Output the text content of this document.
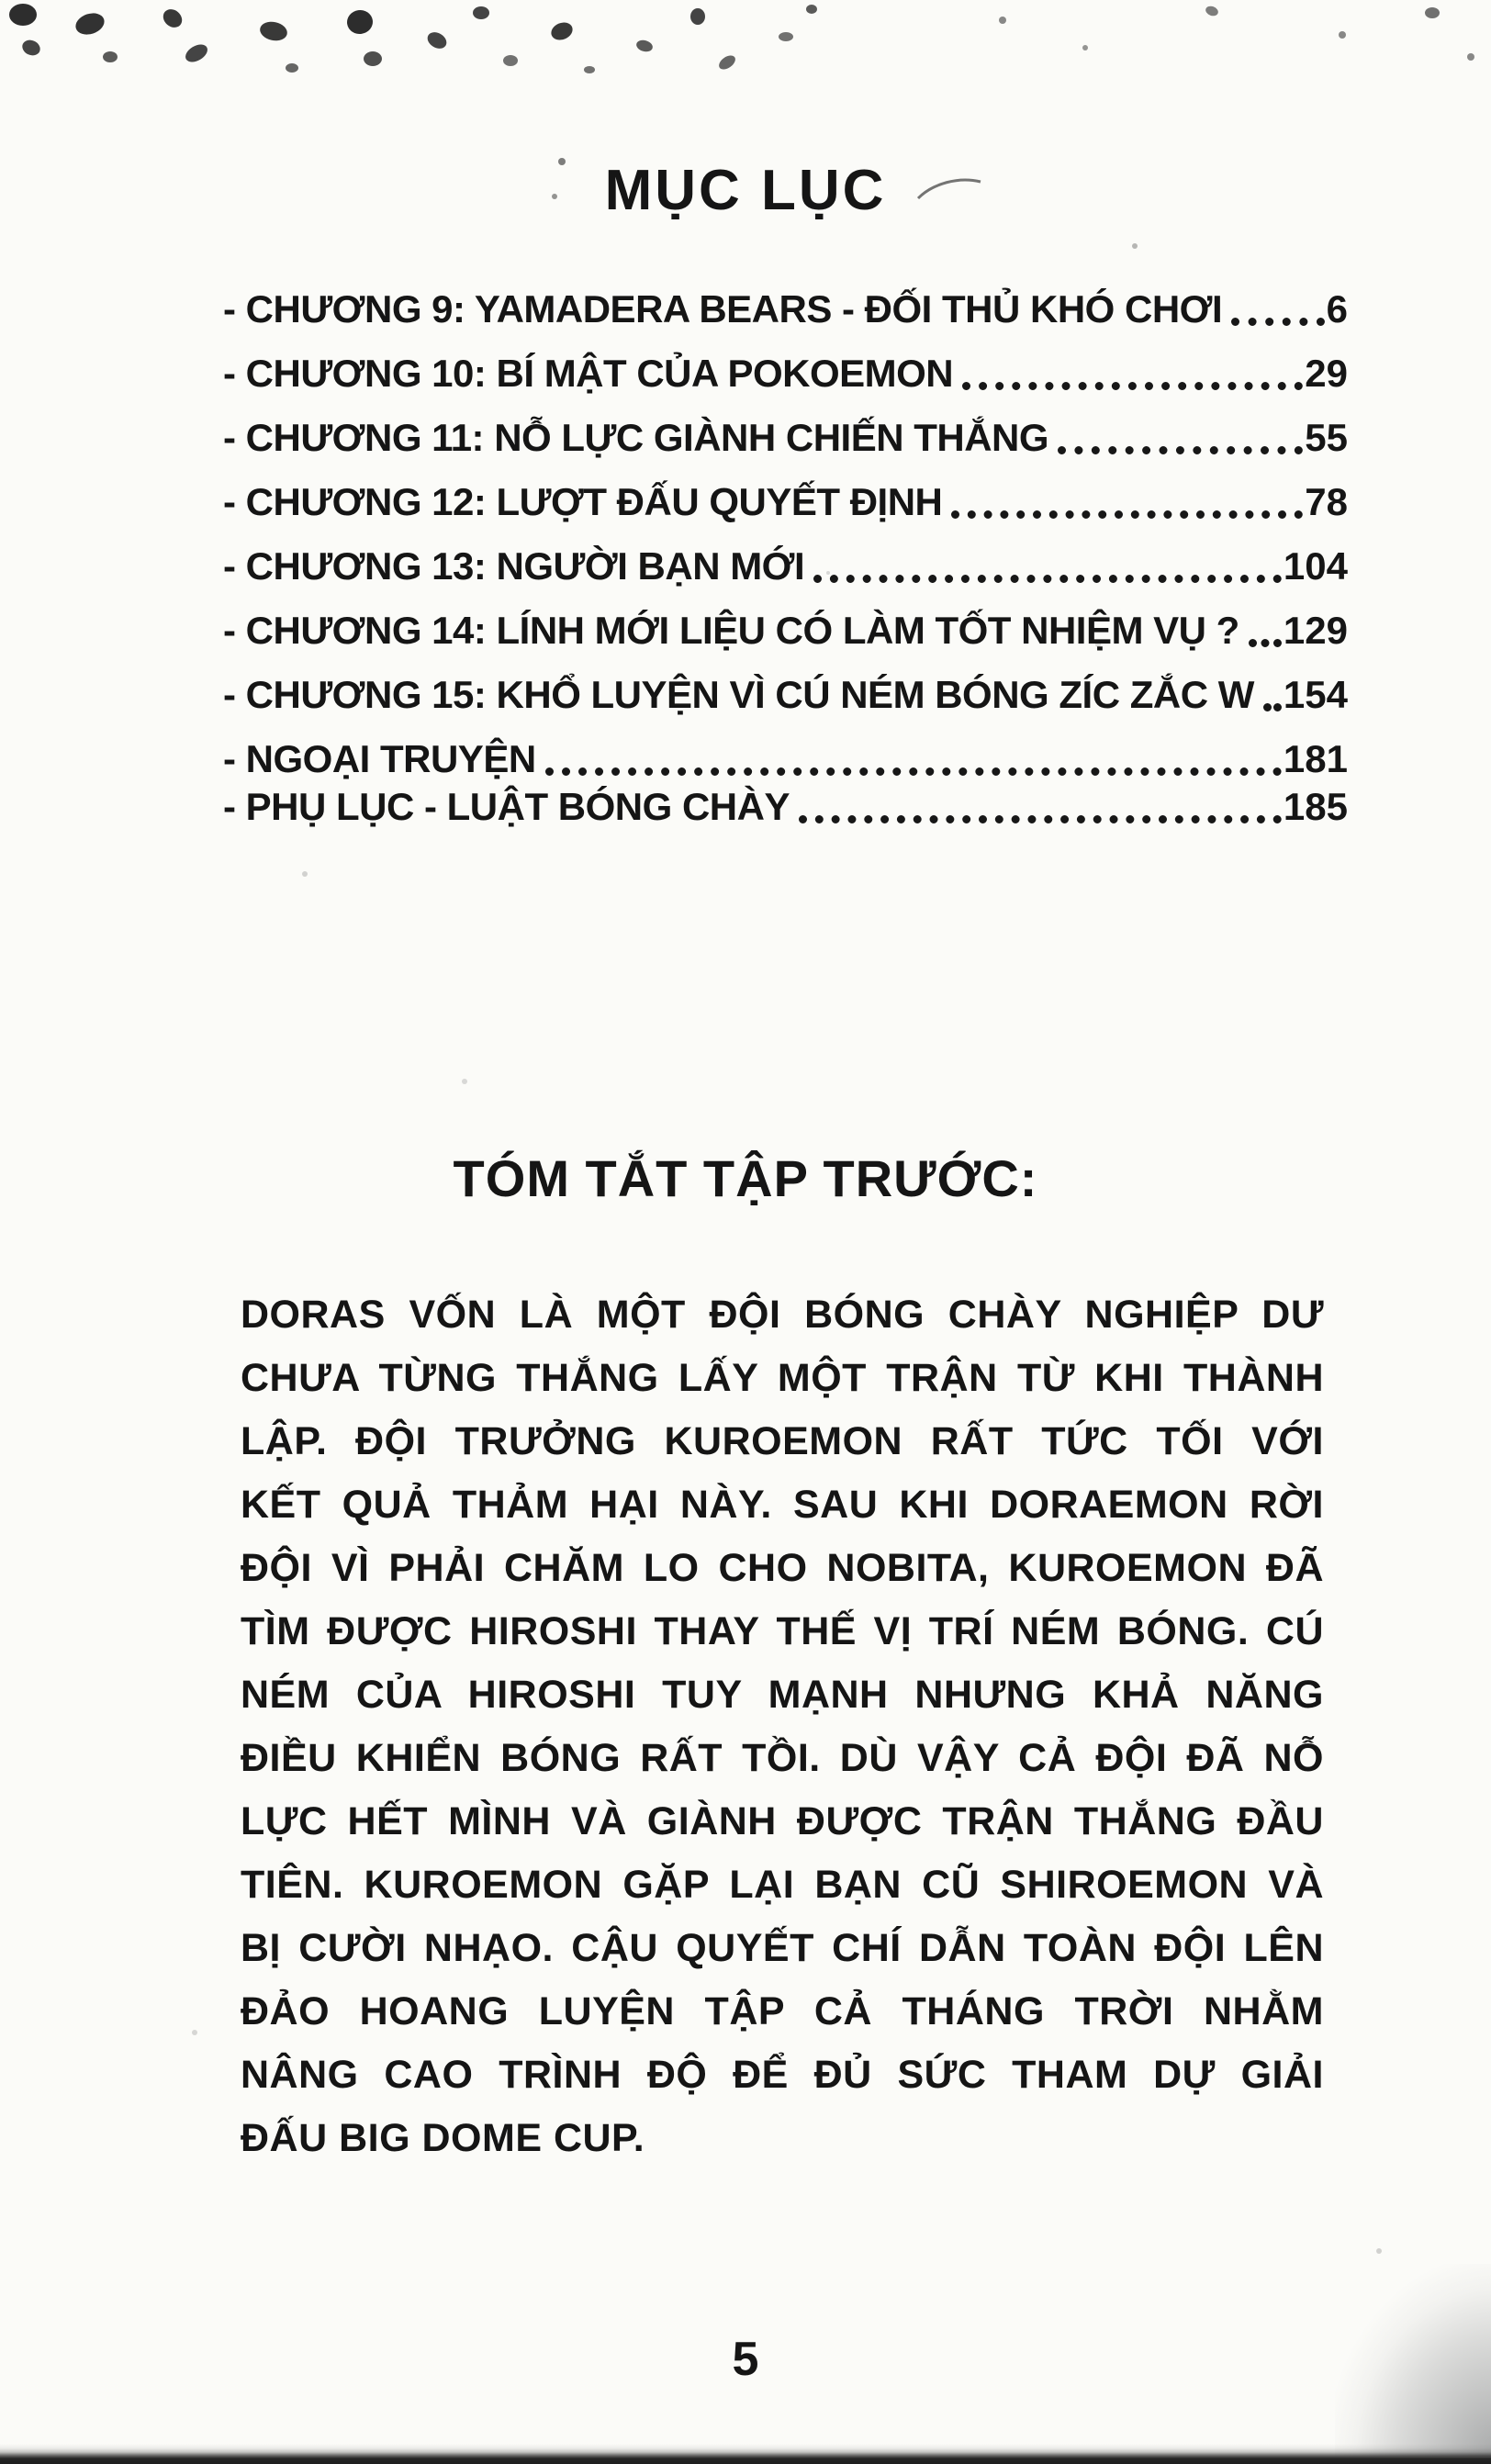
MỤC LỤC
- CHƯƠNG 9: YAMADERA BEARS - ĐỐI THỦ KHÓ CHƠI	6
- CHƯƠNG 10: BÍ MẬT CỦA POKOEMON	29
- CHƯƠNG 11: NỖ LỰC GIÀNH CHIẾN THẮNG	55
- CHƯƠNG 12: LƯỢT ĐẤU QUYẾT ĐỊNH	78
- CHƯƠNG 13: NGƯỜI BẠN MỚI	104
- CHƯƠNG 14: LÍNH MỚI LIỆU CÓ LÀM TỐT NHIỆM VỤ ? 129
- CHƯƠNG 15: KHỔ LUYỆN VÌ CÚ NÉM BÓNG ZÍC ZẮC W 154
- NGOẠI TRUYỆN	181
- PHỤ LỤC - LUẬT BÓNG CHÀY	185
TÓM TẮT TẬP TRƯỚC:
DORAS VỐN LÀ MỘT ĐỘI BÓNG CHÀY NGHIỆP DƯ
CHƯA TỪNG THẮNG LẤY MỘT TRẬN TỪ KHI THÀNH
LẬP. ĐỘI TRƯỞNG KUROEMON RẤT TỨC TỐI VỚI
KẾT QUẢ THẢM HẠI NÀY. SAU KHI DORAEMON RỜI
ĐỘI VÌ PHẢI CHĂM LO CHO NOBITA, KUROEMON ĐÃ
TÌM ĐƯỢC HIROSHI THAY THẾ VỊ TRÍ NÉM BÓNG. CÚ
NÉM CỦA HIROSHI TUY MẠNH NHƯNG KHẢ NĂNG
ĐIỀU KHIỂN BÓNG RẤT TỒI. DÙ VẬY CẢ ĐỘI ĐÃ NỖ
LỰC HẾT MÌNH VÀ GIÀNH ĐƯỢC TRẬN THẮNG ĐẦU
TIÊN. KUROEMON GẶP LẠI BẠN CŨ SHIROEMON VÀ
BỊ CƯỜI NHẠO. CẬU QUYẾT CHÍ DẪN TOÀN ĐỘI LÊN
ĐẢO HOANG LUYỆN TẬP CẢ THÁNG TRỜI NHẰM
NÂNG CAO TRÌNH ĐỘ ĐỂ ĐỦ SỨC THAM DỰ GIẢI
ĐẤU BIG DOME CUP.
5
